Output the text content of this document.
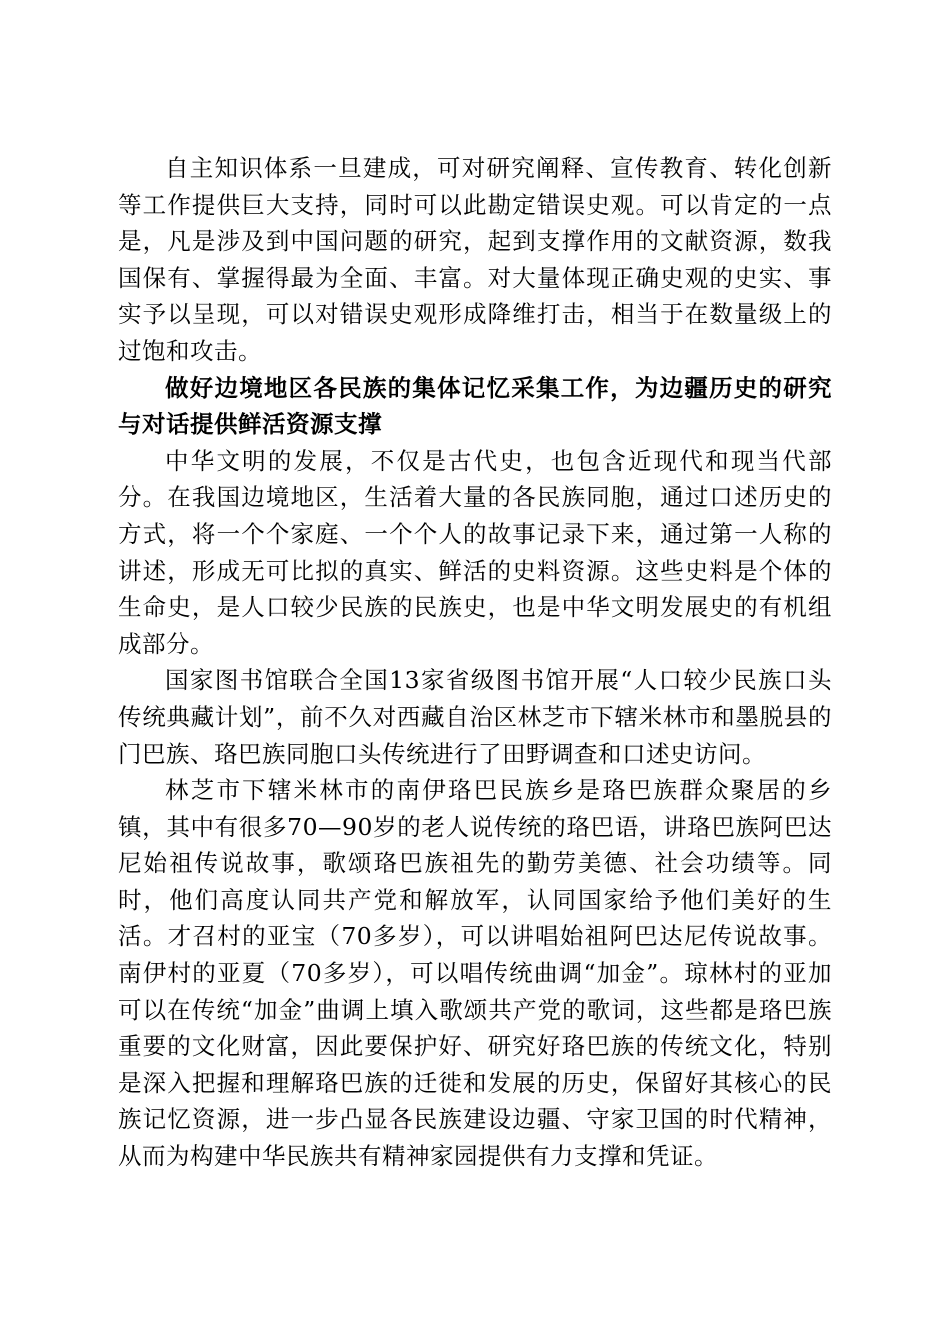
自主知识体系一旦建成，可对研究阐释、宣传教育、转化创新等工作提供巨大支持，同时可以此勘定错误史观。可以肯定的一点是，凡是涉及到中国问题的研究，起到支撑作用的文献资源，数我国保有、掌握得最为全面、丰富。对大量体现正确史观的史实、事实予以呈现，可以对错误史观形成降维打击，相当于在数量级上的过饱和攻击。

做好边境地区各民族的集体记忆采集工作，为边疆历史的研究与对话提供鲜活资源支撑

中华文明的发展，不仅是古代史，也包含近现代和现当代部分。在我国边境地区，生活着大量的各民族同胞，通过口述历史的方式，将一个个家庭、一个个人的故事记录下来，通过第一人称的讲述，形成无可比拟的真实、鲜活的史料资源。这些史料是个体的生命史，是人口较少民族的民族史，也是中华文明发展史的有机组成部分。

国家图书馆联合全国13家省级图书馆开展“人口较少民族口头传统典藏计划”，前不久对西藏自治区林芝市下辖米林市和墨脱县的门巴族、珞巴族同胞口头传统进行了田野调查和口述史访问。

林芝市下辖米林市的南伊珞巴民族乡是珞巴族群众聚居的乡镇，其中有很多70—90岁的老人说传统的珞巴语，讲珞巴族阿巴达尼始祖传说故事，歌颂珞巴族祖先的勤劳美德、社会功绩等。同时，他们高度认同共产党和解放军，认同国家给予他们美好的生活。才召村的亚宝（70多岁），可以讲唱始祖阿巴达尼传说故事。南伊村的亚夏（70多岁），可以唱传统曲调“加金”。琼林村的亚加可以在传统“加金”曲调上填入歌颂共产党的歌词，这些都是珞巴族重要的文化财富，因此要保护好、研究好珞巴族的传统文化，特别是深入把握和理解珞巴族的迁徙和发展的历史，保留好其核心的民族记忆资源，进一步凸显各民族建设边疆、守家卫国的时代精神，从而为构建中华民族共有精神家园提供有力支撑和凭证。
